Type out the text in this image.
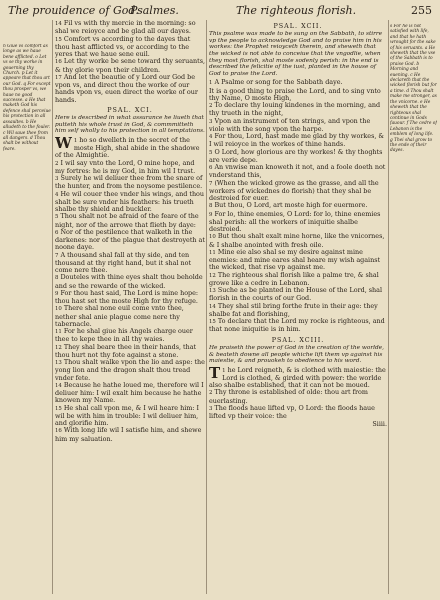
The prouidence of God.
Psalmes.	The righteous florish.	255
n Giue vs comfort as longe as we haue bene afflicted. o Let vs se thy worke in gouerning thy Church. p Let it appeare that thou art our God. q For except thou prosper vs, we haue no good successe. a He that maketh God his defence shal perceiue his protection in all assaultes. b He alludeth to the fouler. c Wil saue thee from all dangers. d Thou shalt be without feare.

14 Fil vs with thy mercie in the morning: so shal we reioyce and be glad all our dayes.

15 Comfort vs according to the dayes that thou hast afflicted vs, or according to the yeres that we haue sene euil.

16 Let thy worke be sene toward thy seruants, & thy glorie vpon their children.

17 And let the beautie of y Lord our God be vpon vs, and direct thou the worke of our hands vpon vs, euen direct the worke of our hands.

PSAL. XCI.
Here is described in what assurance he liueth that putteth his whole trust in God, & commmitteth him self wholly to his protection in all temptations.

W 1 ho so dwelleth in the secret of the moste High, shal abide in the shadowe of the Almightie.

2 I wil say vnto the Lord, O mine hope, and my fortres: he is my God, in him wil I trust.

3 Surely he wil deliuer thee from the snare of the hunter, and from the noysome pestilence.

4 He wil couer thee vnder his wings, and thou shalt be sure vnder his feathers: his trueth shalbe thy shield and buckler.

5 Thou shalt not be afraid of the feare of the night, nor of the arrowe that flieth by daye:

6 Nor of the pestilence that walketh in the darkenes: nor of the plague that destroyeth at noone daye.

7 A thousand shal fall at thy side, and ten thousand at thy right hand, but it shal not come nere thee.

8 Douteles with thine eyes shalt thou beholde and se the rewarde of the wicked.

9 For thou hast said, The Lord is mine hope: thou hast set the moste High for thy refuge.

10 There shal none euil come vnto thee, nether shal anie plague come nere thy tabernacle.

11 For he shal giue his Angels charge ouer thee to kepe thee in all thy waies.

12 They shal beare thee in their hands, that thou hurt not thy fote against a stone.

13 Thou shalt walke vpon the lio and aspe: the yong lion and the dragon shalt thou tread vnder fete.

14 Because he hathe loued me, therefore wil I deliuer him: I wil exalt him because he hathe knowen my Name.

15 He shal call vpon me, & I wil heare him: I wil be with him in trouble: I wil deliuer him, and glorifie him.

16 With long life wil I satisfie him, and shewe him my saluation.

PSAL. XCII.
This psalme was made to be sung on the Sabbath, to stirre vp the people to acknowledge God and to praise him in his workes: the Prophet reioyceth therein, and sheweth that the wicked is not able to conceiue that the vngodlie, when they most florish, shal moste sodenly perish: in the end is described the felicitie of the iust, planted in the house of God to praise the Lord.

1 A Psalme or song for the Sabbath daye.

It is a good thing to praise the Lord, and to sing vnto thy Name, O moste High,

2 To declare thy louing kindenes in the morning, and thy trueth in the night,

3 Vpon an instrument of ten strings, and vpon the viole with the song vpon the harpe.

4 For thou, Lord, hast made me glad by thy workes, & I wil reioyce in the workes of thine hands.

5 O Lord, how glorious are thy workes! & thy thoghts are verie depe.

6 An vnwise man knoweth it not, and a foole doeth not vnderstand this,

7 (When the wicked growe as the grasse, and all the workers of wickednes do florish) that they shal be destroied for euer.

8 But thou, O Lord, art moste high for euermore.

9 For lo, thine enemies, O Lord: for lo, thine enemies shal perish: all the workers of iniquitie shalbe destroied.

10 But thou shalt exalt mine horne, like the vnicornes, & I shalbe anointed with fresh oile.

11 Mine eie also shal se my desire against mine enemies: and mine eares shal heare my wish against the wicked, that rise vp against me.

12 The righteous shal florish like a palme tre, & shal growe like a cedre in Lebanon.

13 Suche as be planted in the House of the Lord, shal florish in the courts of our God.

14 They shal stil bring forthe frute in their age: they shalbe fat and florishing,

15 To declare that the Lord my rocke is righteous, and that none iniquitie is in him.

PSAL. XCIII.
He praiseth the power of God in the creation of the worlde, & beateth downe all people whiche lift them vp against his maiestie, & and prouokeh to obedience to his word.

T 1 he Lord reigneth, & is clothed with maiestie: the Lord is clothed, & girded with power: the worlde also shalbe established, that it can not be moued.

2 Thy throne is established of olde: thou art from euerlasting.

3 The floods haue lifted vp, O Lord: the floods haue lifted vp their voice: the

Siiii.
s For he is not satisfied with life, and that he hath wrought for the sake of his seruants. a He sheweth that the vse of the Sabbath is to praise God. b Morning and euening. c He declareth that the wicked florish but for a time. d Thou shalt make me stronger, as the vnicorne. e He sheweth that the righteous shal continue in Gods fauour. f The cedre of Lebanon is the emblem of long life. g Thei shal grow to the ende of their dayes.
